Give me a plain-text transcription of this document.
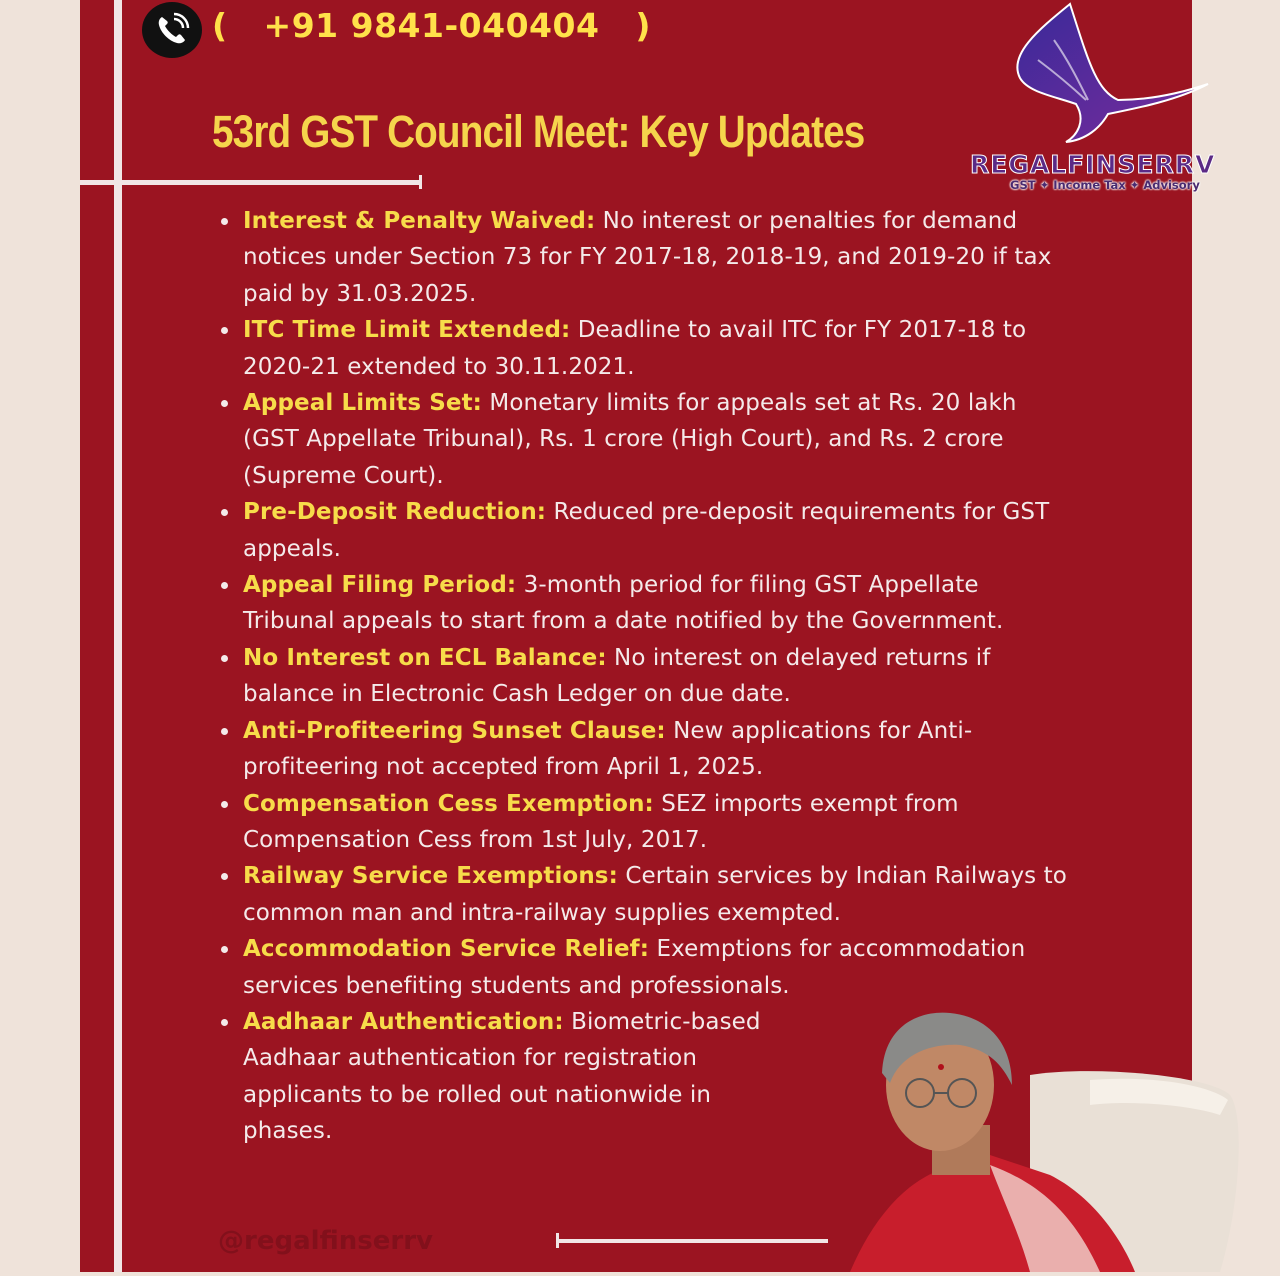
(   +91 9841-040404   )
53rd GST Council Meet: Key Updates
REGALFINSERRV
GST ✦ Income Tax ✦ Advisory
Interest & Penalty Waived: No interest or penalties for demand notices under Section 73 for FY 2017-18, 2018-19, and 2019-20 if tax paid by 31.03.2025.
ITC Time Limit Extended: Deadline to avail ITC for FY 2017-18 to 2020-21 extended to 30.11.2021.
Appeal Limits Set: Monetary limits for appeals set at Rs. 20 lakh (GST Appellate Tribunal), Rs. 1 crore (High Court), and Rs. 2 crore (Supreme Court).
Pre-Deposit Reduction: Reduced pre-deposit requirements for GST appeals.
Appeal Filing Period: 3-month period for filing GST Appellate Tribunal appeals to start from a date notified by the Government.
No Interest on ECL Balance: No interest on delayed returns if balance in Electronic Cash Ledger on due date.
Anti-Profiteering Sunset Clause: New applications for Anti-profiteering not accepted from April 1, 2025.
Compensation Cess Exemption: SEZ imports exempt from Compensation Cess from 1st July, 2017.
Railway Service Exemptions: Certain services by Indian Railways to common man and intra-railway supplies exempted.
Accommodation Service Relief: Exemptions for accommodation services benefiting students and professionals.
Aadhaar Authentication: Biometric-based Aadhaar authentication for registration applicants to be rolled out nationwide in phases.
@regalfinserrv
